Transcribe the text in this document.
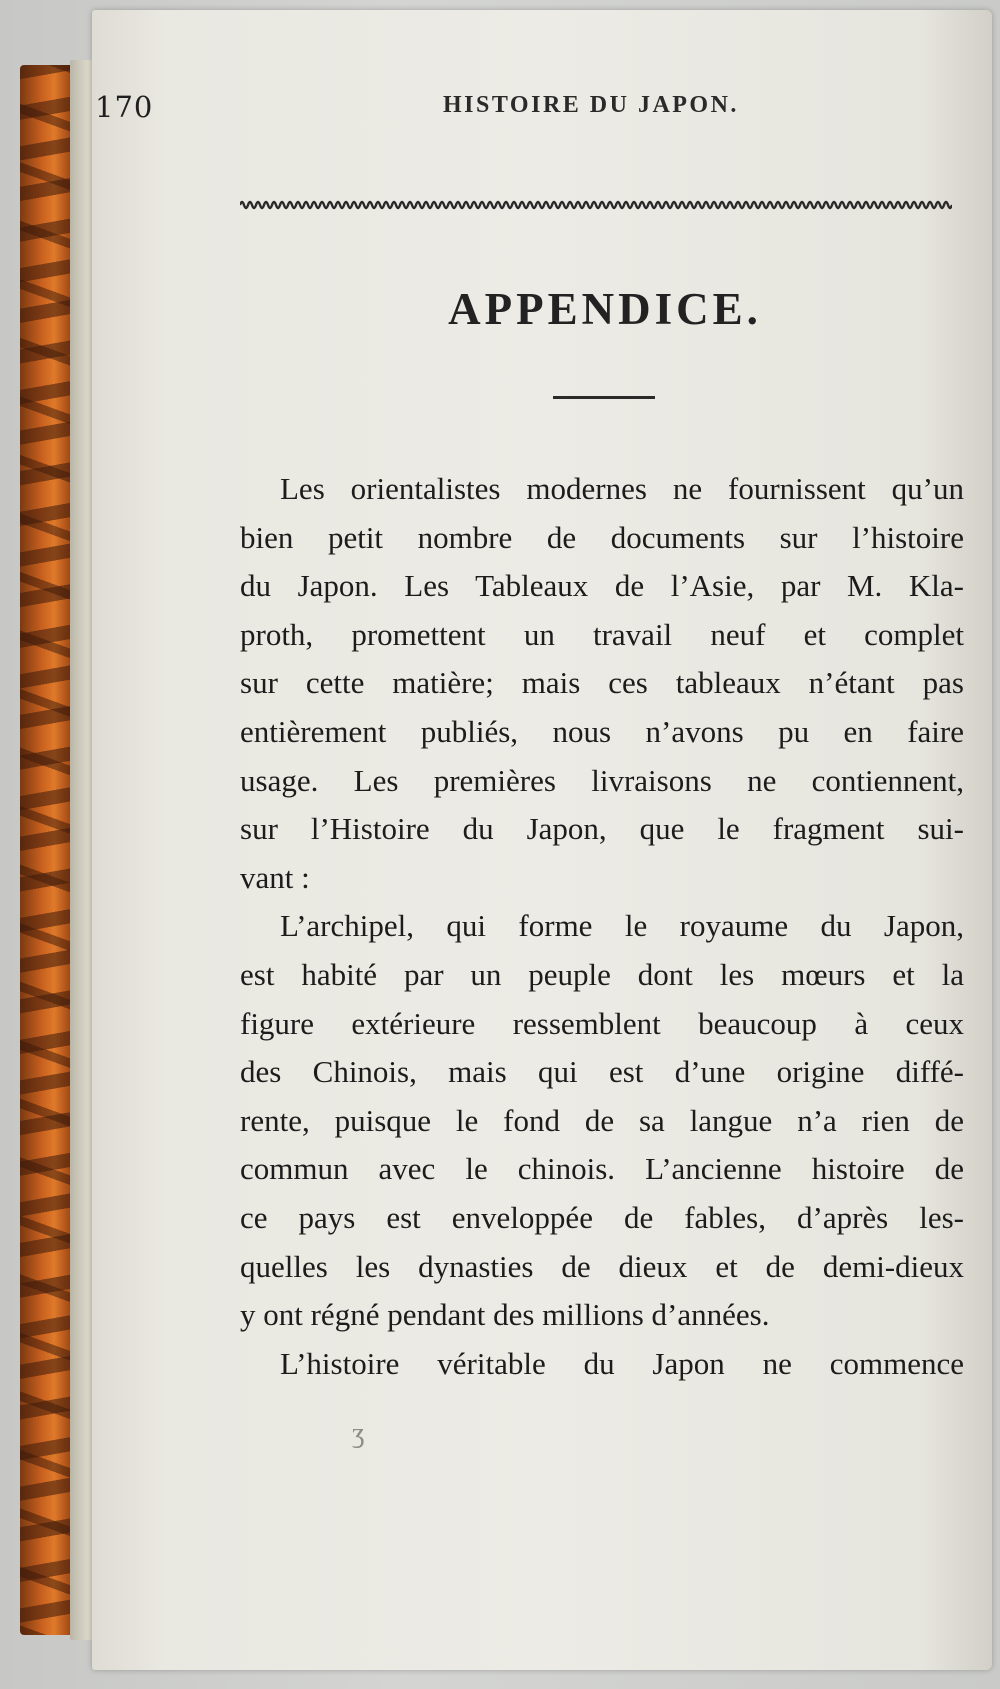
170	HISTOIRE DU JAPON.
APPENDICE.
Les orientalistes modernes ne fournissent qu’un
bien petit nombre de documents sur l’histoire
du Japon. Les Tableaux de l’Asie, par M. Kla-
proth, promettent un travail neuf et complet
sur cette matière; mais ces tableaux n’étant pas
entièrement publiés, nous n’avons pu en faire
usage. Les premières livraisons ne contiennent,
sur l’Histoire du Japon, que le fragment sui-
vant :
L’archipel, qui forme le royaume du Japon,
est habité par un peuple dont les mœurs et la
figure extérieure ressemblent beaucoup à ceux
des Chinois, mais qui est d’une origine diffé-
rente, puisque le fond de sa langue n’a rien de
commun avec le chinois. L’ancienne histoire de
ce pays est enveloppée de fables, d’après les-
quelles les dynasties de dieux et de demi-dieux
y ont régné pendant des millions d’années.
L’histoire véritable du Japon ne commence
ʒ
